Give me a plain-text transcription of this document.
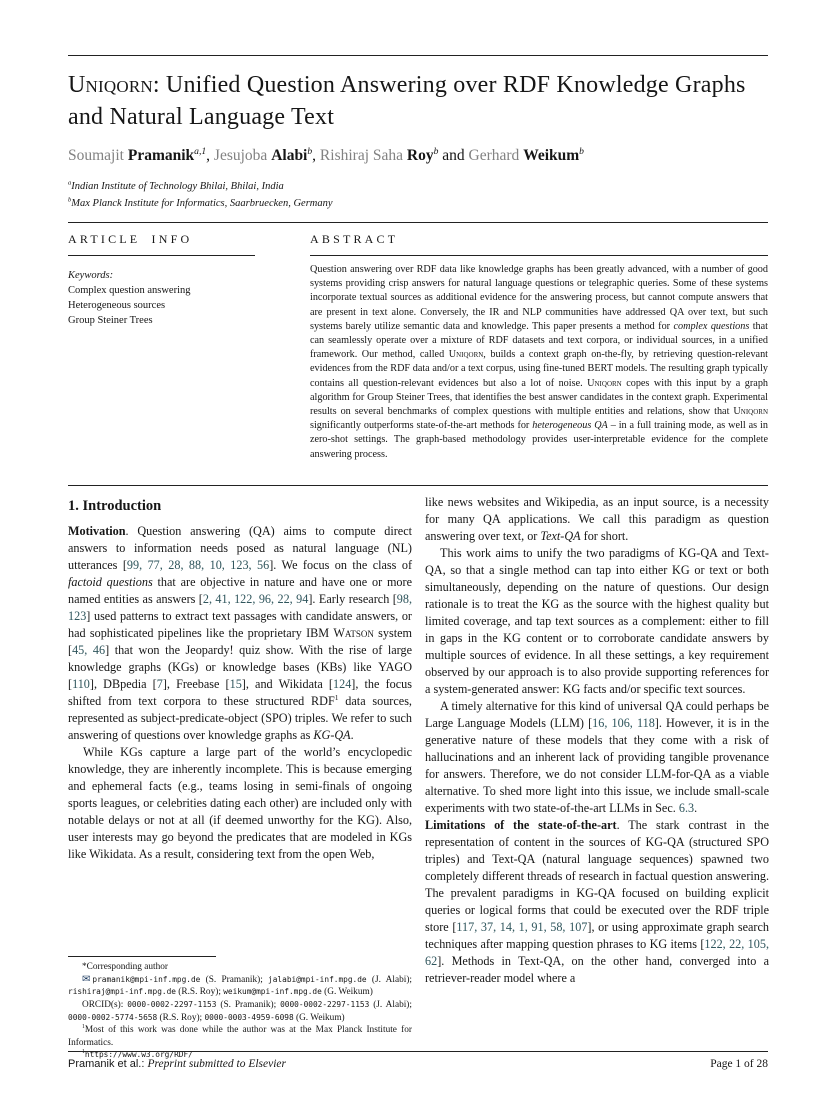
Uniqorn: Unified Question Answering over RDF Knowledge Graphs and Natural Language Text
Soumajit Pramanik$^{a,1}$, Jesujoba Alabi$^b$, Rishiraj Saha Roy$^b$ and Gerhard Weikum$^b$
$^a$Indian Institute of Technology Bhilai, Bhilai, India
$^b$Max Planck Institute for Informatics, Saarbruecken, Germany
ARTICLE INFO
Keywords:
Complex question answering
Heterogeneous sources
Group Steiner Trees
ABSTRACT

Question answering over RDF data like knowledge graphs has been greatly advanced, with a number of good systems providing crisp answers for natural language questions or telegraphic queries. Some of these systems incorporate textual sources as additional evidence for the answering process, but cannot compute answers that are present in text alone. Conversely, the IR and NLP communities have addressed QA over text, but such systems barely utilize semantic data and knowledge. This paper presents a method for complex questions that can seamlessly operate over a mixture of RDF datasets and text corpora, or individual sources, in a unified framework. Our method, called Uniqorn, builds a context graph on-the-fly, by retrieving question-relevant evidences from the RDF data and/or a text corpus, using fine-tuned BERT models. The resulting graph typically contains all question-relevant evidences but also a lot of noise. Uniqorn copes with this input by a graph algorithm for Group Steiner Trees, that identifies the best answer candidates in the context graph. Experimental results on several benchmarks of complex questions with multiple entities and relations, show that Uniqorn significantly outperforms state-of-the-art methods for heterogeneous QA – in a full training mode, as well as in zero-shot settings. The graph-based methodology provides user-interpretable evidence for the complete answering process.

1. Introduction

Motivation. Question answering (QA) aims to compute direct answers to information needs posed as natural language (NL) utterances [99, 77, 28, 88, 10, 123, 56]. We focus on the class of factoid questions that are objective in nature and have one or more named entities as answers [2, 41, 122, 96, 22, 94]. Early research [98, 123] used patterns to extract text passages with candidate answers, or had sophisticated pipelines like the proprietary IBM Watson system [45, 46] that won the Jeopardy! quiz show. With the rise of large knowledge graphs (KGs) or knowledge bases (KBs) like YAGO [110], DBpedia [7], Freebase [15], and Wikidata [124], the focus shifted from text corpora to these structured RDF$^1$ data sources, represented as subject-predicate-object (SPO) triples. We refer to such answering of questions over knowledge graphs as KG-QA.

While KGs capture a large part of the world’s encyclopedic knowledge, they are inherently incomplete. This is because emerging and ephemeral facts (e.g., teams losing in semi-finals of ongoing sports leagues, or celebrities dating each other) are included only with notable delays or not at all (if deemed unworthy for the KG). Also, user interests may go beyond the predicates that are modeled in KGs like Wikidata. As a result, considering text from the open Web,

*Corresponding author

✉ pramanik@mpi-inf.mpg.de (S. Pramanik); jalabi@mpi-inf.mpg.de (J. Alabi); rishiraj@mpi-inf.mpg.de (R.S. Roy); weikum@mpi-inf.mpg.de (G. Weikum)

ORCID(s): 0000-0002-2297-1153 (S. Pramanik); 0000-0002-2297-1153 (J. Alabi); 0000-0002-5774-5658 (R.S. Roy); 0000-0003-4959-6098 (G. Weikum)

$^1$Most of this work was done while the author was at the Max Planck Institute for Informatics.

$^1$https://www.w3.org/RDF/

like news websites and Wikipedia, as an input source, is a necessity for many QA applications. We call this paradigm as question answering over text, or Text-QA for short.

This work aims to unify the two paradigms of KG-QA and Text-QA, so that a single method can tap into either KG or text or both simultaneously, depending on the nature of questions. Our design rationale is to treat the KG as the source with the highest quality but limited coverage, and tap text sources as a complement: either to fill in gaps in the KG content or to corroborate candidate answers by multiple sources of evidence. In all these settings, a key requirement observed by our approach is to also provide supporting references for a system-generated answer: KG facts and/or specific text sources.

A timely alternative for this kind of universal QA could perhaps be Large Language Models (LLM) [16, 106, 118]. However, it is in the generative nature of these models that they come with a risk of hallucinations and an inherent lack of providing tangible provenance for answers. Therefore, we do not consider LLM-for-QA as a viable alternative. To shed more light into this issue, we include small-scale experiments with two state-of-the-art LLMs in Sec. 6.3.

Limitations of the state-of-the-art. The stark contrast in the representation of content in the sources of KG-QA (structured SPO triples) and Text-QA (natural language sequences) spawned two completely different threads of research in factual question answering. The prevalent paradigms in KG-QA focused on building explicit queries or logical forms that could be executed over the RDF triple store [117, 37, 14, 1, 91, 58, 107], or using approximate graph search techniques after mapping question phrases to KG items [122, 22, 105, 62]. Methods in Text-QA, on the other hand, converged into a retriever-reader model where a

Pramanik et al.: Preprint submitted to Elsevier	Page 1 of 28
